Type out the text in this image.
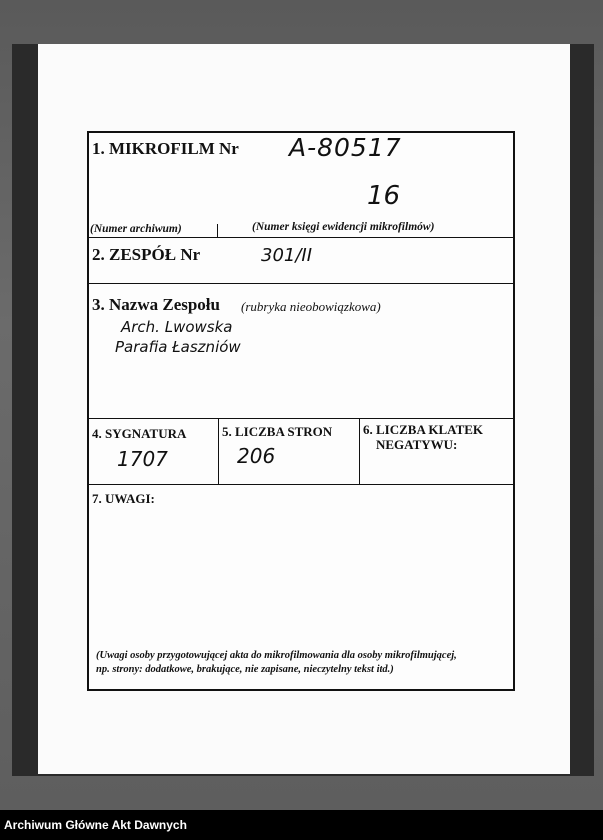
1. MIKROFILM Nr A-80517
16
(Numer archiwum)	(Numer księgi ewidencji mikrofilmów)
2. ZESPÓŁ Nr	301/II
3. Nazwa Zespołu (rubryka nieobowiązkowa)
Arch. Lwowska
Parafia Łaszniów
4. SYGNATURA
1707
5. LICZBA STRON
206
6. LICZBA KLATEK
NEGATYWU:
7. UWAGI:
(Uwagi osoby przygotowującej akta do mikrofilmowania dla osoby mikrofilmującej,
np. strony: dodatkowe, brakujące, nie zapisane, nieczytelny tekst itd.)
Archiwum Główne Akt Dawnych
